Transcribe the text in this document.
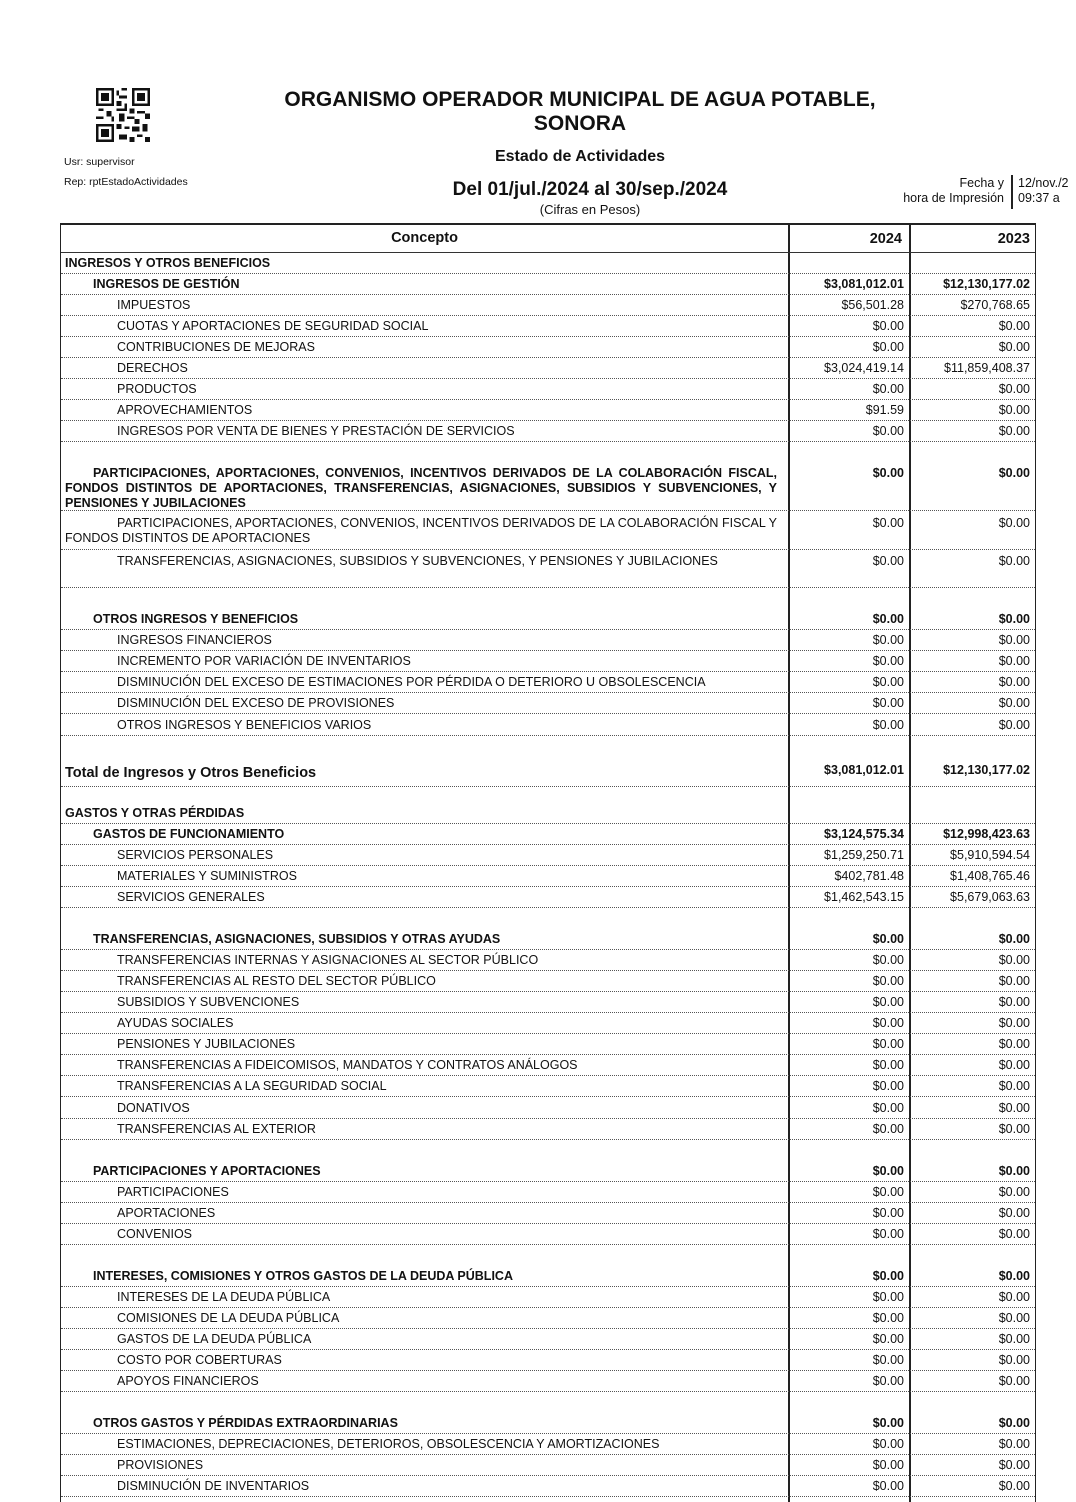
ORGANISMO OPERADOR MUNICIPAL DE AGUA POTABLE,
SONORA
Estado de Actividades
Usr: supervisor
Rep: rptEstadoActividades	Del 01/jul./2024 al 30/sep./2024
(Cifras en Pesos)
Fecha y
hora de Impresión
12/nov./2
09:37 a
Concepto	2024	2023
INGRESOS Y OTROS BENEFICIOS
INGRESOS DE GESTIÓN	$3,081,012.01	$12,130,177.02
IMPUESTOS	$56,501.28	$270,768.65
CUOTAS Y APORTACIONES DE SEGURIDAD SOCIAL	$0.00	$0.00
CONTRIBUCIONES DE MEJORAS	$0.00	$0.00
DERECHOS	$3,024,419.14	$11,859,408.37
PRODUCTOS	$0.00	$0.00
APROVECHAMIENTOS	$91.59	$0.00
INGRESOS POR VENTA DE BIENES Y PRESTACIÓN DE SERVICIOS	$0.00	$0.00
PARTICIPACIONES, APORTACIONES, CONVENIOS, INCENTIVOS DERIVADOS DE LA COLABORACIÓN FISCAL, FONDOS DISTINTOS DE APORTACIONES, TRANSFERENCIAS, ASIGNACIONES, SUBSIDIOS Y SUBVENCIONES, Y PENSIONES Y JUBILACIONES
$0.00	$0.00
PARTICIPACIONES, APORTACIONES, CONVENIOS, INCENTIVOS DERIVADOS DE LA COLABORACIÓN FISCAL Y FONDOS DISTINTOS DE APORTACIONES
$0.00	$0.00
TRANSFERENCIAS, ASIGNACIONES, SUBSIDIOS Y SUBVENCIONES, Y PENSIONES Y JUBILACIONES	$0.00	$0.00
OTROS INGRESOS Y BENEFICIOS	$0.00	$0.00
INGRESOS FINANCIEROS	$0.00	$0.00
INCREMENTO POR VARIACIÓN DE INVENTARIOS	$0.00	$0.00
DISMINUCIÓN DEL EXCESO DE ESTIMACIONES POR PÉRDIDA O DETERIORO U OBSOLESCENCIA	$0.00	$0.00
DISMINUCIÓN DEL EXCESO DE PROVISIONES	$0.00	$0.00
OTROS INGRESOS Y BENEFICIOS VARIOS	$0.00	$0.00
Total de Ingresos y Otros Beneficios	$3,081,012.01	$12,130,177.02
GASTOS Y OTRAS PÉRDIDAS
GASTOS DE FUNCIONAMIENTO	$3,124,575.34	$12,998,423.63
SERVICIOS PERSONALES	$1,259,250.71	$5,910,594.54
MATERIALES Y SUMINISTROS	$402,781.48	$1,408,765.46
SERVICIOS GENERALES	$1,462,543.15	$5,679,063.63
TRANSFERENCIAS, ASIGNACIONES, SUBSIDIOS Y OTRAS AYUDAS	$0.00	$0.00
TRANSFERENCIAS INTERNAS Y ASIGNACIONES AL SECTOR PÚBLICO	$0.00	$0.00
TRANSFERENCIAS AL RESTO DEL SECTOR PÚBLICO	$0.00	$0.00
SUBSIDIOS Y SUBVENCIONES	$0.00	$0.00
AYUDAS SOCIALES	$0.00	$0.00
PENSIONES Y JUBILACIONES	$0.00	$0.00
TRANSFERENCIAS A FIDEICOMISOS, MANDATOS Y CONTRATOS ANÁLOGOS	$0.00	$0.00
TRANSFERENCIAS A LA SEGURIDAD SOCIAL	$0.00	$0.00
DONATIVOS	$0.00	$0.00
TRANSFERENCIAS AL EXTERIOR	$0.00	$0.00
PARTICIPACIONES Y APORTACIONES	$0.00	$0.00
PARTICIPACIONES	$0.00	$0.00
APORTACIONES	$0.00	$0.00
CONVENIOS	$0.00	$0.00
INTERESES, COMISIONES Y OTROS GASTOS DE LA DEUDA PÚBLICA	$0.00	$0.00
INTERESES DE LA DEUDA PÚBLICA	$0.00	$0.00
COMISIONES DE LA DEUDA PÚBLICA	$0.00	$0.00
GASTOS DE LA DEUDA PÚBLICA	$0.00	$0.00
COSTO POR COBERTURAS	$0.00	$0.00
APOYOS FINANCIEROS	$0.00	$0.00
OTROS GASTOS Y PÉRDIDAS EXTRAORDINARIAS	$0.00	$0.00
ESTIMACIONES, DEPRECIACIONES, DETERIOROS, OBSOLESCENCIA Y AMORTIZACIONES	$0.00	$0.00
PROVISIONES	$0.00	$0.00
DISMINUCIÓN DE INVENTARIOS	$0.00	$0.00
